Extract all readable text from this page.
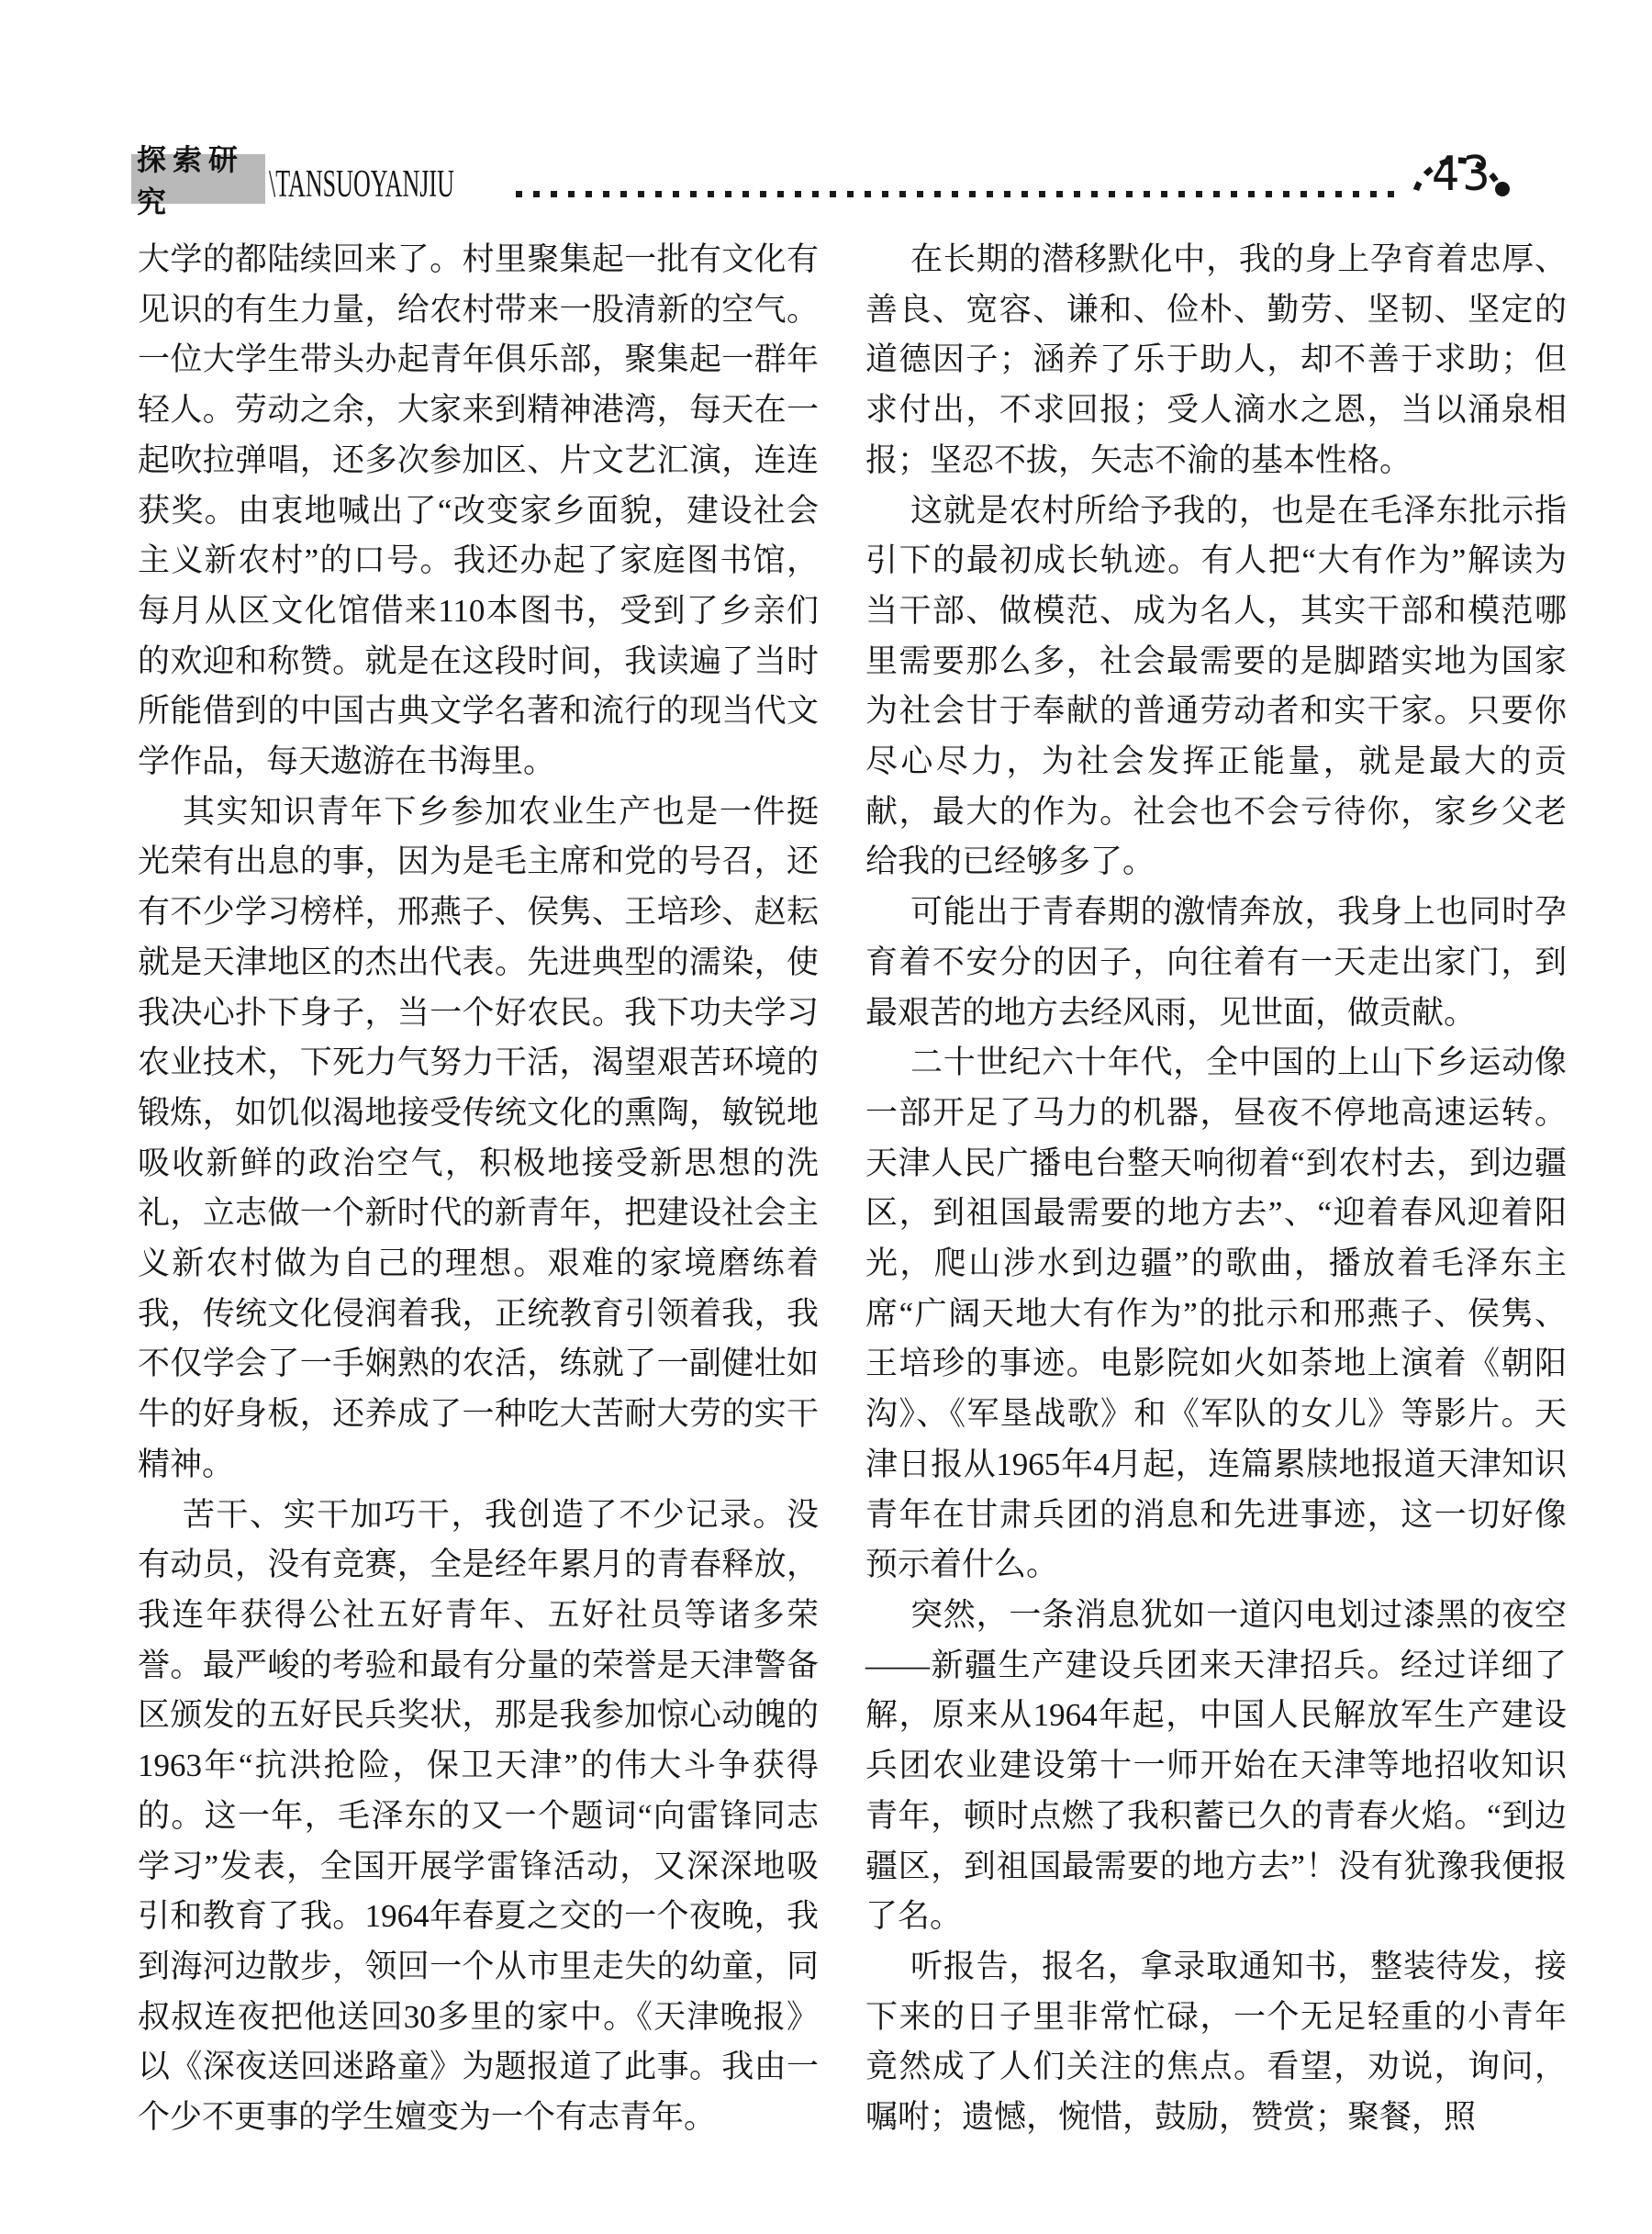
探索研究	\TANSUOYANJIU	43

大学的都陆续回来了。村里聚集起一批有文化有见识的有生力量，给农村带来一股清新的空气。一位大学生带头办起青年俱乐部，聚集起一群年轻人。劳动之余，大家来到精神港湾，每天在一起吹拉弹唱，还多次参加区、片文艺汇演，连连获奖。由衷地喊出了“改变家乡面貌，建设社会主义新农村”的口号。我还办起了家庭图书馆，每月从区文化馆借来110本图书，受到了乡亲们的欢迎和称赞。就是在这段时间，我读遍了当时所能借到的中国古典文学名著和流行的现当代文学作品，每天遨游在书海里。

其实知识青年下乡参加农业生产也是一件挺光荣有出息的事，因为是毛主席和党的号召，还有不少学习榜样，邢燕子、侯隽、王培珍、赵耘就是天津地区的杰出代表。先进典型的濡染，使我决心扑下身子，当一个好农民。我下功夫学习农业技术，下死力气努力干活，渴望艰苦环境的锻炼，如饥似渴地接受传统文化的熏陶，敏锐地吸收新鲜的政治空气，积极地接受新思想的洗礼，立志做一个新时代的新青年，把建设社会主义新农村做为自己的理想。艰难的家境磨练着我，传统文化侵润着我，正统教育引领着我，我不仅学会了一手娴熟的农活，练就了一副健壮如牛的好身板，还养成了一种吃大苦耐大劳的实干精神。

苦干、实干加巧干，我创造了不少记录。没有动员，没有竞赛，全是经年累月的青春释放，我连年获得公社五好青年、五好社员等诸多荣誉。最严峻的考验和最有分量的荣誉是天津警备区颁发的五好民兵奖状，那是我参加惊心动魄的1963年“抗洪抢险，保卫天津”的伟大斗争获得的。这一年，毛泽东的又一个题词“向雷锋同志学习”发表，全国开展学雷锋活动，又深深地吸引和教育了我。1964年春夏之交的一个夜晚，我到海河边散步，领回一个从市里走失的幼童，同叔叔连夜把他送回30多里的家中。《天津晚报》以《深夜送回迷路童》为题报道了此事。我由一个少不更事的学生嬗变为一个有志青年。

在长期的潜移默化中，我的身上孕育着忠厚、善良、宽容、谦和、俭朴、勤劳、坚韧、坚定的道德因子；涵养了乐于助人，却不善于求助；但求付出，不求回报；受人滴水之恩，当以涌泉相报；坚忍不拔，矢志不渝的基本性格。

这就是农村所给予我的，也是在毛泽东批示指引下的最初成长轨迹。有人把“大有作为”解读为当干部、做模范、成为名人，其实干部和模范哪里需要那么多，社会最需要的是脚踏实地为国家为社会甘于奉献的普通劳动者和实干家。只要你尽心尽力，为社会发挥正能量，就是最大的贡献，最大的作为。社会也不会亏待你，家乡父老给我的已经够多了。

可能出于青春期的激情奔放，我身上也同时孕育着不安分的因子，向往着有一天走出家门，到最艰苦的地方去经风雨，见世面，做贡献。

二十世纪六十年代，全中国的上山下乡运动像一部开足了马力的机器，昼夜不停地高速运转。天津人民广播电台整天响彻着“到农村去，到边疆区，到祖国最需要的地方去”、“迎着春风迎着阳光，爬山涉水到边疆”的歌曲，播放着毛泽东主席“广阔天地大有作为”的批示和邢燕子、侯隽、王培珍的事迹。电影院如火如荼地上演着《朝阳沟》、《军垦战歌》和《军队的女儿》等影片。天津日报从1965年4月起，连篇累牍地报道天津知识青年在甘肃兵团的消息和先进事迹，这一切好像预示着什么。

突然，一条消息犹如一道闪电划过漆黑的夜空——新疆生产建设兵团来天津招兵。经过详细了解，原来从1964年起，中国人民解放军生产建设兵团农业建设第十一师开始在天津等地招收知识青年，顿时点燃了我积蓄已久的青春火焰。“到边疆区，到祖国最需要的地方去”！没有犹豫我便报了名。

听报告，报名，拿录取通知书，整装待发，接下来的日子里非常忙碌，一个无足轻重的小青年竟然成了人们关注的焦点。看望，劝说，询问，嘱咐；遗憾，惋惜，鼓励，赞赏；聚餐，照
